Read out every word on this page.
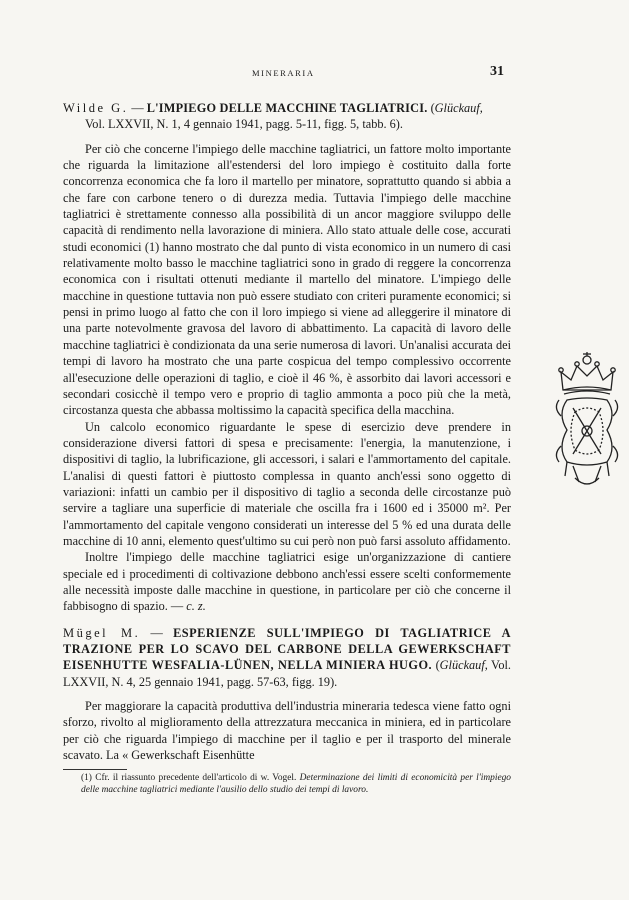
MINERARIA	31
Wilde G. — L'IMPIEGO DELLE MACCHINE TAGLIATRICI. (Glückauf,
Vol. LXXVII, N. 1, 4 gennaio 1941, pagg. 5-11, figg. 5, tabb. 6).

Per ciò che concerne l'impiego delle macchine tagliatrici, un fattore molto importante che riguarda la limitazione all'estendersi del loro impiego è costituito dalla forte concorrenza economica che fa loro il martello per minatore, soprattutto quando si abbia a che fare con carbone tenero o di durezza media. Tuttavia l'impiego delle macchine tagliatrici è strettamente connesso alla possibilità di un ancor maggiore sviluppo delle capacità di rendimento nella lavorazione di miniera. Allo stato attuale delle cose, accurati studi economici (1) hanno mostrato che dal punto di vista economico in un numero di casi relativamente molto basso le macchine tagliatrici sono in grado di reggere la concorrenza economica con i risultati ottenuti mediante il martello del minatore. L'impiego delle macchine in questione tuttavia non può essere studiato con criteri puramente economici; si pensi in primo luogo al fatto che con il loro impiego si viene ad alleggerire il minatore di una parte notevolmente gravosa del lavoro di abbattimento. La capacità di lavoro delle macchine tagliatrici è condizionata da una serie numerosa di lavori. Un'analisi accurata dei tempi di lavoro ha mostrato che una parte cospicua del tempo complessivo occorrente all'esecuzione delle operazioni di taglio, e cioè il 46 %, è assorbito dai lavori accessori e secondari cosicchè il tempo vero e proprio di taglio ammonta a poco più che la metà, circostanza questa che abbassa moltissimo la capacità specifica della macchina.

Un calcolo economico riguardante le spese di esercizio deve prendere in considerazione diversi fattori di spesa e precisamente: l'energia, la manutenzione, i dispositivi di taglio, la lubrificazione, gli accessori, i salari e l'ammortamento del capitale. L'analisi di questi fattori è piuttosto complessa in quanto anch'essi sono oggetto di variazioni: infatti un cambio per il dispositivo di taglio a seconda delle circostanze può servire a tagliare una superficie di materiale che oscilla fra i 1600 ed i 35000 m². Per l'ammortamento del capitale vengono considerati un interesse del 5 % ed una durata delle macchine di 10 anni, elemento quest'ultimo su cui però non può farsi assoluto affidamento.

Inoltre l'impiego delle macchine tagliatrici esige un'organizzazione di cantiere speciale ed i procedimenti di coltivazione debbono anch'essi essere scelti conformemente alle necessità imposte dalle macchine in questione, in particolare per ciò che concerne il fabbisogno di spazio. — c. z.

Mügel M. — ESPERIENZE SULL'IMPIEGO DI TAGLIATRICE A TRAZIONE PER LO SCAVO DEL CARBONE DELLA GEWERKSCHAFT EISENHUTTE WESFALIA-LÜNEN, NELLA MINIERA HUGO. (Glückauf, Vol. LXXVII, N. 4, 25 gennaio 1941, pagg. 57-63, figg. 19).

Per maggiorare la capacità produttiva dell'industria mineraria tedesca viene fatto ogni sforzo, rivolto al miglioramento della attrezzatura meccanica in miniera, ed in particolare per ciò che riguarda l'impiego di macchine per il taglio e per il trasporto del minerale scavato. La « Gewerkschaft Eisenhütte

(1) Cfr. il riassunto precedente dell'articolo di w. Vogel. Determinazione dei limiti di economicità per l'impiego delle macchine tagliatrici mediante l'ausilio dello studio dei tempi di lavoro.
